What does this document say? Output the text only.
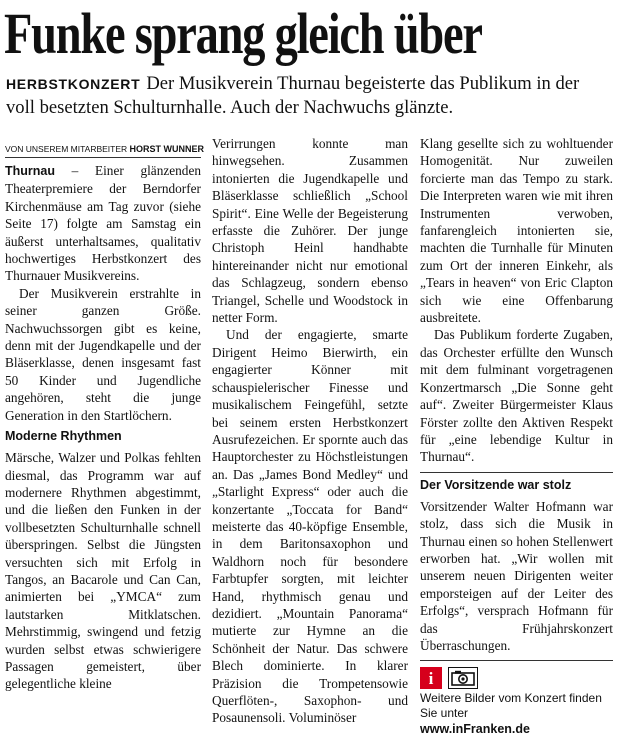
Funke sprang gleich über
HERBSTKONZERT Der Musikverein Thurnau begeisterte das Publikum in der voll besetzten Schulturnhalle. Auch der Nachwuchs glänzte.
VON UNSEREM MITARBEITER HORST WUNNER

Thurnau – Einer glänzenden Theaterpremiere der Berndorfer Kirchenmäuse am Tag zuvor (siehe Seite 17) folgte am Samstag ein äußerst unterhaltsames, qualitativ hochwertiges Herbstkonzert des Thurnauer Musikvereins.

Der Musikverein erstrahlte in seiner ganzen Größe. Nachwuchssorgen gibt es keine, denn mit der Jugendkapelle und der Bläserklasse, denen insgesamt fast 50 Kinder und Jugendliche angehören, steht die junge Generation in den Startlöchern.

Moderne Rhythmen

Märsche, Walzer und Polkas fehlten diesmal, das Programm war auf modernere Rhythmen abgestimmt, und die ließen den Funken in der vollbesetzten Schulturnhalle schnell überspringen. Selbst die Jüngsten versuchten sich mit Erfolg in Tangos, an Bacarole und Can Can, animierten bei „YMCA“ zum lautstarken Mitklatschen. Mehrstimmig, swingend und fetzig wurden selbst etwas schwierigere Passagen gemeistert, über gelegentliche kleine

Verirrungen konnte man hinwegsehen. Zusammen intonierten die Jugendkapelle und Bläserklasse schließlich „School Spirit“. Eine Welle der Begeisterung erfasste die Zuhörer. Der junge Christoph Heinl handhabte hintereinander nicht nur emotional das Schlagzeug, sondern ebenso Triangel, Schelle und Woodstock in netter Form.

Und der engagierte, smarte Dirigent Heimo Bierwirth, ein engagierter Könner mit schauspielerischer Finesse und musikalischem Feingefühl, setzte bei seinem ersten Herbstkonzert Ausrufezeichen. Er spornte auch das Hauptorchester zu Höchstleistungen an. Das „James Bond Medley“ und „Starlight Express“ oder auch die konzertante „Toccata for Band“ meisterte das 40-köpfige Ensemble, in dem Baritonsaxophon und Waldhorn noch für besondere Farbtupfer sorgten, mit leichter Hand, rhythmisch genau und dezidiert. „Mountain Panorama“ mutierte zur Hymne an die Schönheit der Natur. Das schwere Blech dominierte. In klarer Präzision die Trompetensowie Querflöten-, Saxophon- und Posaunensoli. Voluminöser

Klang gesellte sich zu wohltuender Homogenität. Nur zuweilen forcierte man das Tempo zu stark. Die Interpreten waren wie mit ihren Instrumenten verwoben, fanfarengleich intonierten sie, machten die Turnhalle für Minuten zum Ort der inneren Einkehr, als „Tears in heaven“ von Eric Clapton sich wie eine Offenbarung ausbreitete.

Das Publikum forderte Zugaben, das Orchester erfüllte den Wunsch mit dem fulminant vorgetragenen Konzertmarsch „Die Sonne geht auf“. Zweiter Bürgermeister Klaus Förster zollte den Aktiven Respekt für „eine lebendige Kultur in Thurnau“.

Der Vorsitzende war stolz

Vorsitzender Walter Hofmann war stolz, dass sich die Musik in Thurnau einen so hohen Stellenwert erworben hat. „Wir wollen mit unserem neuen Dirigenten weiter emporsteigen auf der Leiter des Erfolgs“, versprach Hofmann für das Frühjahrskonzert Überraschungen.

i
Weitere Bilder vom Konzert finden Sie unter
www.inFranken.de
